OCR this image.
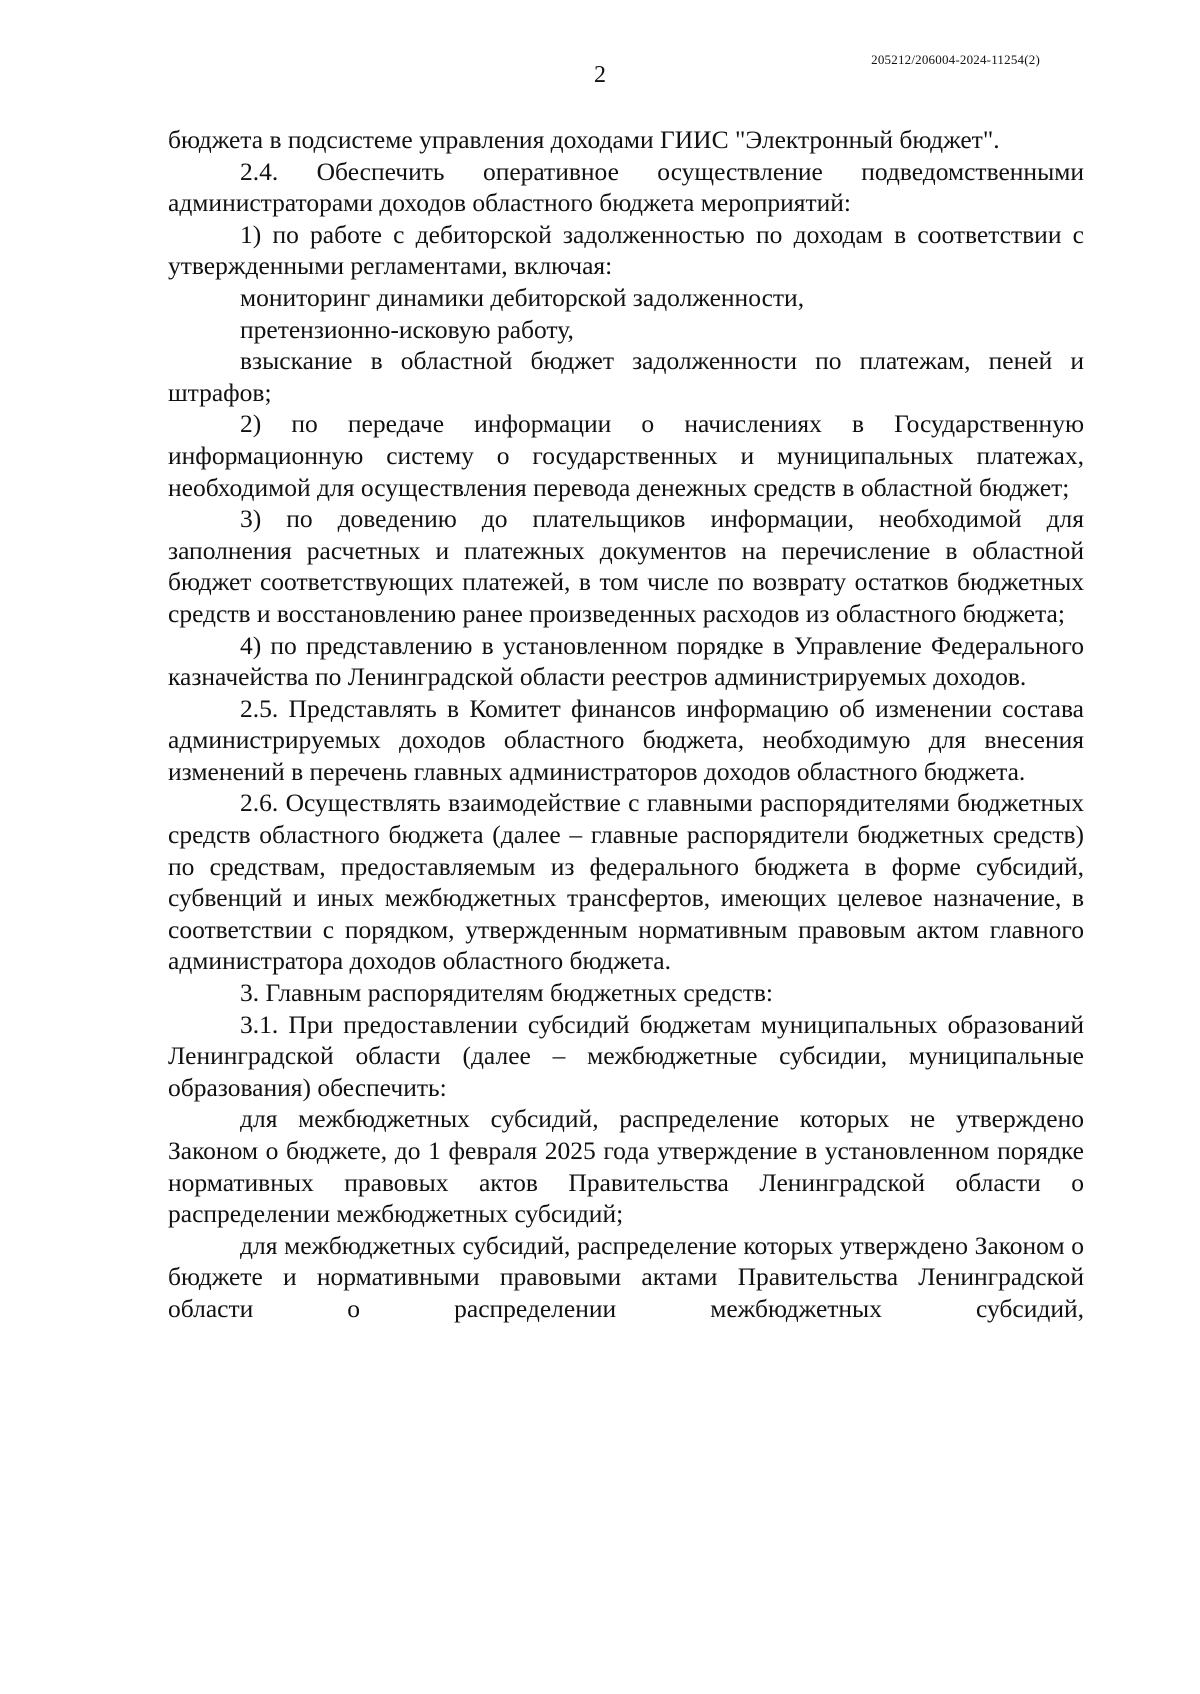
205212/206004-2024-11254(2)
2

бюджета в подсистеме управления доходами ГИИС "Электронный бюджет".

2.4. Обеспечить оперативное осуществление подведомственными администраторами доходов областного бюджета мероприятий:

1) по работе с дебиторской задолженностью по доходам в соответствии с утвержденными регламентами, включая:

мониторинг динамики дебиторской задолженности,

претензионно-исковую работу,

взыскание в областной бюджет задолженности по платежам, пеней и штрафов;

2) по передаче информации о начислениях в Государственную информационную систему о государственных и муниципальных платежах, необходимой для осуществления перевода денежных средств в областной бюджет;

3) по доведению до плательщиков информации, необходимой для заполнения расчетных и платежных документов на перечисление в областной бюджет соответствующих платежей, в том числе по возврату остатков бюджетных средств и восстановлению ранее произведенных расходов из областного бюджета;

4) по представлению в установленном порядке в Управление Федерального казначейства по Ленинградской области реестров администрируемых доходов.

2.5. Представлять в Комитет финансов информацию об изменении состава администрируемых доходов областного бюджета, необходимую для внесения изменений в перечень главных администраторов доходов областного бюджета.

2.6. Осуществлять взаимодействие с главными распорядителями бюджетных средств областного бюджета (далее – главные распорядители бюджетных средств) по средствам, предоставляемым из федерального бюджета в форме субсидий, субвенций и иных межбюджетных трансфертов, имеющих целевое назначение, в соответствии с порядком, утвержденным нормативным правовым актом главного администратора доходов областного бюджета.

3. Главным распорядителям бюджетных средств:

3.1. При предоставлении субсидий бюджетам муниципальных образований Ленинградской области (далее – межбюджетные субсидии, муниципальные образования) обеспечить:

для межбюджетных субсидий, распределение которых не утверждено Законом о бюджете, до 1 февраля 2025 года утверждение в установленном порядке нормативных правовых актов Правительства Ленинградской области о распределении межбюджетных субсидий;

для межбюджетных субсидий, распределение которых утверждено Законом о бюджете и нормативными правовыми актами Правительства Ленинградской области о распределении межбюджетных субсидий,
